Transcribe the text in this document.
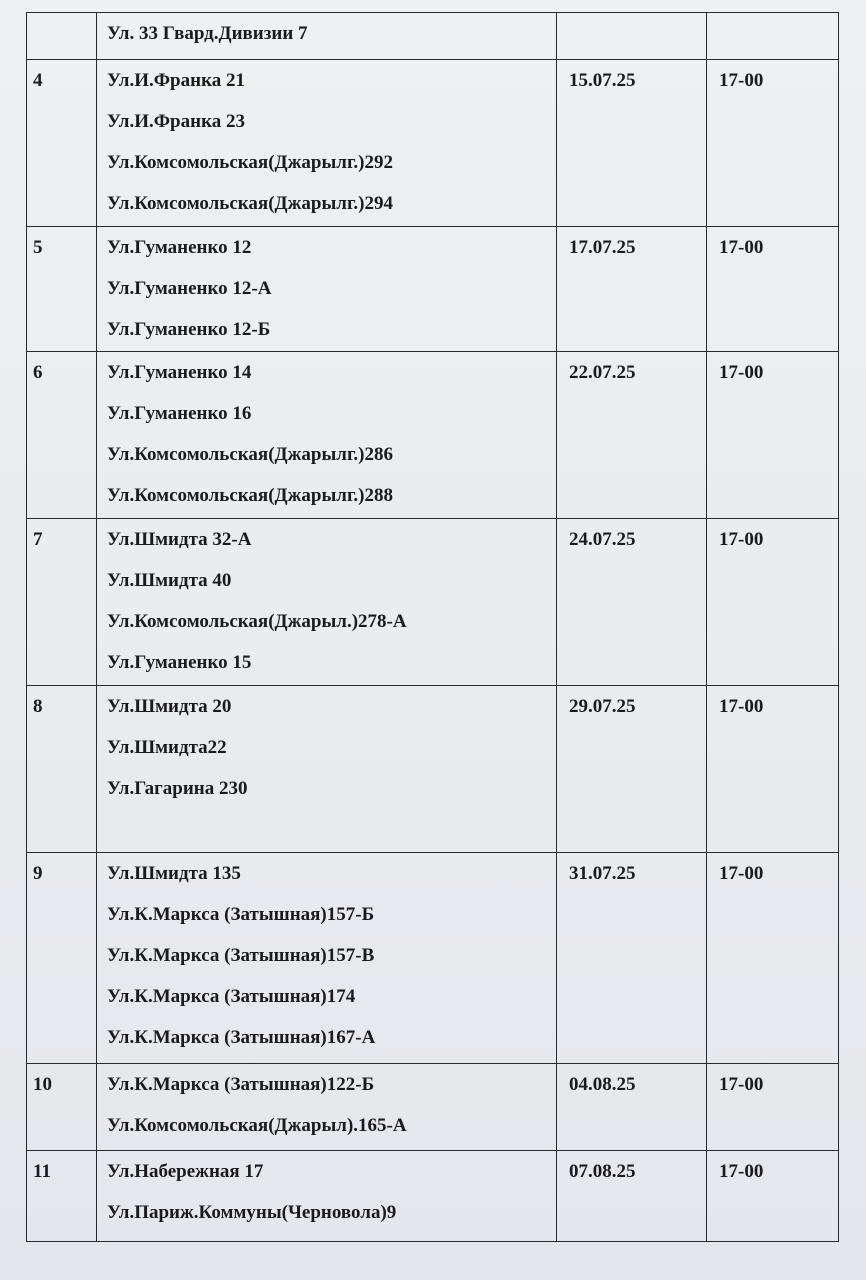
	Ул. 33 Гвард.Дивизии 7		

4	Ул.И.Франка 21
Ул.И.Франка 23
Ул.Комсомольская(Джарылг.)292
Ул.Комсомольская(Джарылг.)294	15.07.25	17-00
5	Ул.Гуманенко 12
Ул.Гуманенко 12-А
Ул.Гуманенко 12-Б	17.07.25	17-00
6	Ул.Гуманенко 14
Ул.Гуманенко 16
Ул.Комсомольская(Джарылг.)286
Ул.Комсомольская(Джарылг.)288	22.07.25	17-00
7	Ул.Шмидта 32-А
Ул.Шмидта 40
Ул.Комсомольская(Джарыл.)278-А
Ул.Гуманенко 15	24.07.25	17-00
8	Ул.Шмидта 20
Ул.Шмидта22
Ул.Гагарина 230	29.07.25	17-00
9	Ул.Шмидта 135
Ул.К.Маркса (Затышная)157-Б
Ул.К.Маркса (Затышная)157-В
Ул.К.Маркса (Затышная)174
Ул.К.Маркса (Затышная)167-А	31.07.25	17-00
10	Ул.К.Маркса (Затышная)122-Б
Ул.Комсомольская(Джарыл).165-А	04.08.25	17-00
11	Ул.Набережная 17
Ул.Париж.Коммуны(Черновола)9	07.08.25	17-00
